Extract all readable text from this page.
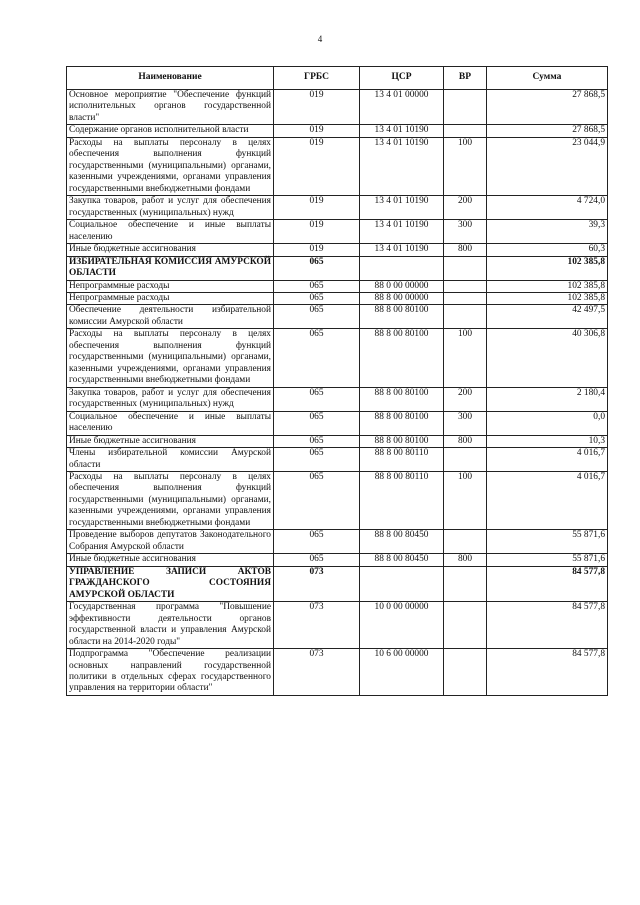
4
Наименование	ГРБС	ЦСР	ВР	Сумма
Основное мероприятие "Обеспечение функций исполнительных органов государственной власти"	019	13 4 01 00000		27 868,5
Содержание органов исполнительной власти	019	13 4 01 10190		27 868,5
Расходы на выплаты персоналу в целях обеспечения выполнения функций государственными (муниципальными) органами, казенными учреждениями, органами управления государственными внебюджетными фондами	019	13 4 01 10190	100	23 044,9
Закупка товаров, работ и услуг для обеспечения государственных (муниципальных) нужд	019	13 4 01 10190	200	4 724,0
Социальное обеспечение и иные выплаты населению	019	13 4 01 10190	300	39,3
Иные бюджетные ассигнования	019	13 4 01 10190	800	60,3
ИЗБИРАТЕЛЬНАЯ КОМИССИЯ АМУРСКОЙ ОБЛАСТИ	065			102 385,8
Непрограммные расходы	065	88 0 00 00000		102 385,8
Непрограммные расходы	065	88 8 00 00000		102 385,8
Обеспечение деятельности избирательной комиссии Амурской области	065	88 8 00 80100		42 497,5
Расходы на выплаты персоналу в целях обеспечения выполнения функций государственными (муниципальными) органами, казенными учреждениями, органами управления государственными внебюджетными фондами	065	88 8 00 80100	100	40 306,8
Закупка товаров, работ и услуг для обеспечения государственных (муниципальных) нужд	065	88 8 00 80100	200	2 180,4
Социальное обеспечение и иные выплаты населению	065	88 8 00 80100	300	0,0
Иные бюджетные ассигнования	065	88 8 00 80100	800	10,3
Члены избирательной комиссии Амурской области	065	88 8 00 80110		4 016,7
Расходы на выплаты персоналу в целях обеспечения выполнения функций государственными (муниципальными) органами, казенными учреждениями, органами управления государственными внебюджетными фондами	065	88 8 00 80110	100	4 016,7
Проведение выборов депутатов Законодательного Собрания Амурской области	065	88 8 00 80450		55 871,6
Иные бюджетные ассигнования	065	88 8 00 80450	800	55 871,6
УПРАВЛЕНИЕ ЗАПИСИ АКТОВ ГРАЖДАНСКОГО СОСТОЯНИЯ АМУРСКОЙ ОБЛАСТИ	073			84 577,8
Государственная программа "Повышение эффективности деятельности органов государственной власти и управления Амурской области на 2014-2020 годы"	073	10 0 00 00000		84 577,8
Подпрограмма "Обеспечение реализации основных направлений государственной политики в отдельных сферах государственного управления на территории области"	073	10 6 00 00000		84 577,8
